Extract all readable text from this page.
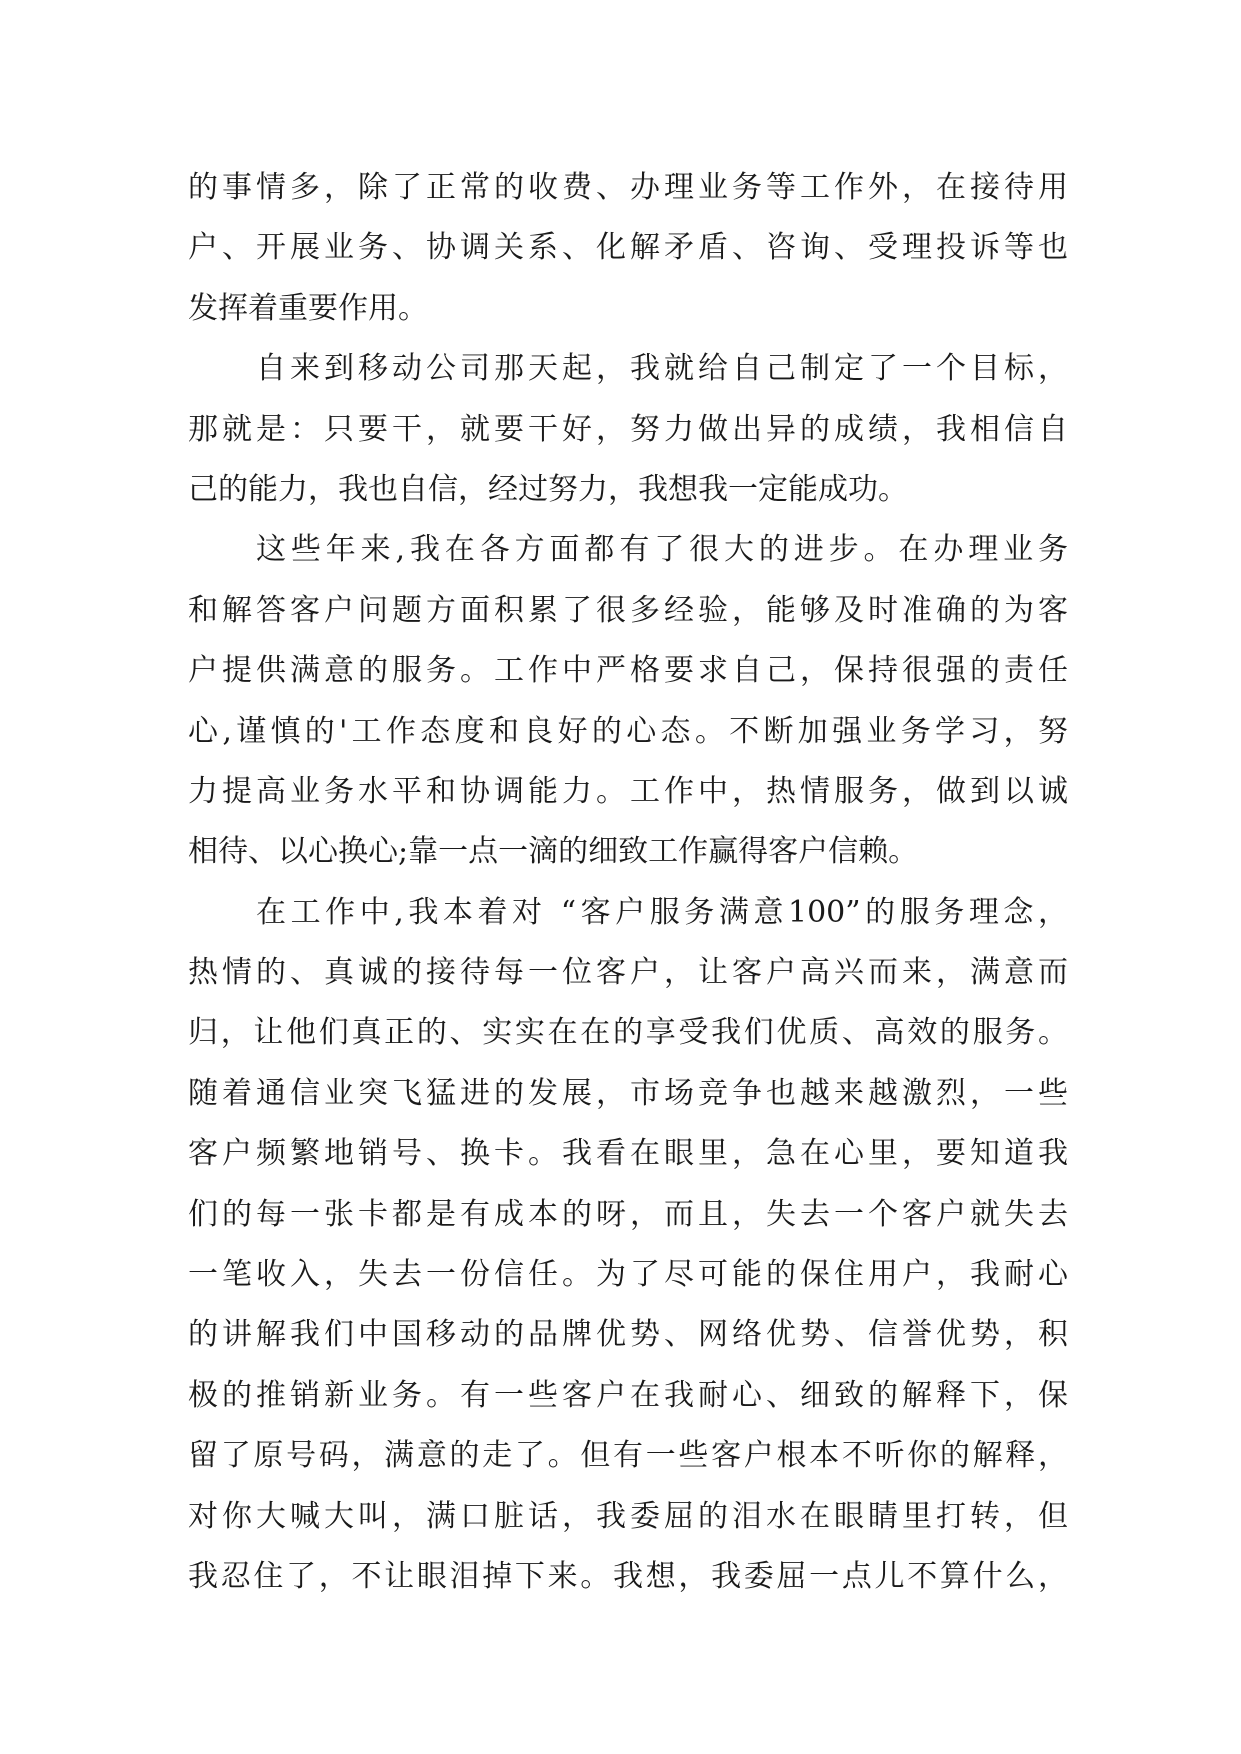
的事情多，除了正常的收费、办理业务等工作外，在接待用
户、开展业务、协调关系、化解矛盾、咨询、受理投诉等也
发挥着重要作用。
自来到移动公司那天起，我就给自己制定了一个目标，
那就是：只要干，就要干好，努力做出异的成绩，我相信自
己的能力，我也自信，经过努力，我想我一定能成功。
这些年来,我在各方面都有了很大的进步。在办理业务
和解答客户问题方面积累了很多经验，能够及时准确的为客
户提供满意的服务。工作中严格要求自己，保持很强的责任
心,谨慎的'工作态度和良好的心态。不断加强业务学习，努
力提高业务水平和协调能力。工作中，热情服务，做到以诚
相待、以心换心;靠一点一滴的细致工作赢得客户信赖。
在工作中,我本着对 “客户服务满意100”的服务理念，
热情的、真诚的接待每一位客户，让客户高兴而来，满意而
归，让他们真正的、实实在在的享受我们优质、高效的服务。
随着通信业突飞猛进的发展，市场竞争也越来越激烈，一些
客户频繁地销号、换卡。我看在眼里，急在心里，要知道我
们的每一张卡都是有成本的呀，而且，失去一个客户就失去
一笔收入，失去一份信任。为了尽可能的保住用户，我耐心
的讲解我们中国移动的品牌优势、网络优势、信誉优势，积
极的推销新业务。有一些客户在我耐心、细致的解释下，保
留了原号码，满意的走了。但有一些客户根本不听你的解释，
对你大喊大叫，满口脏话，我委屈的泪水在眼睛里打转，但
我忍住了，不让眼泪掉下来。我想，我委屈一点儿不算什么，
